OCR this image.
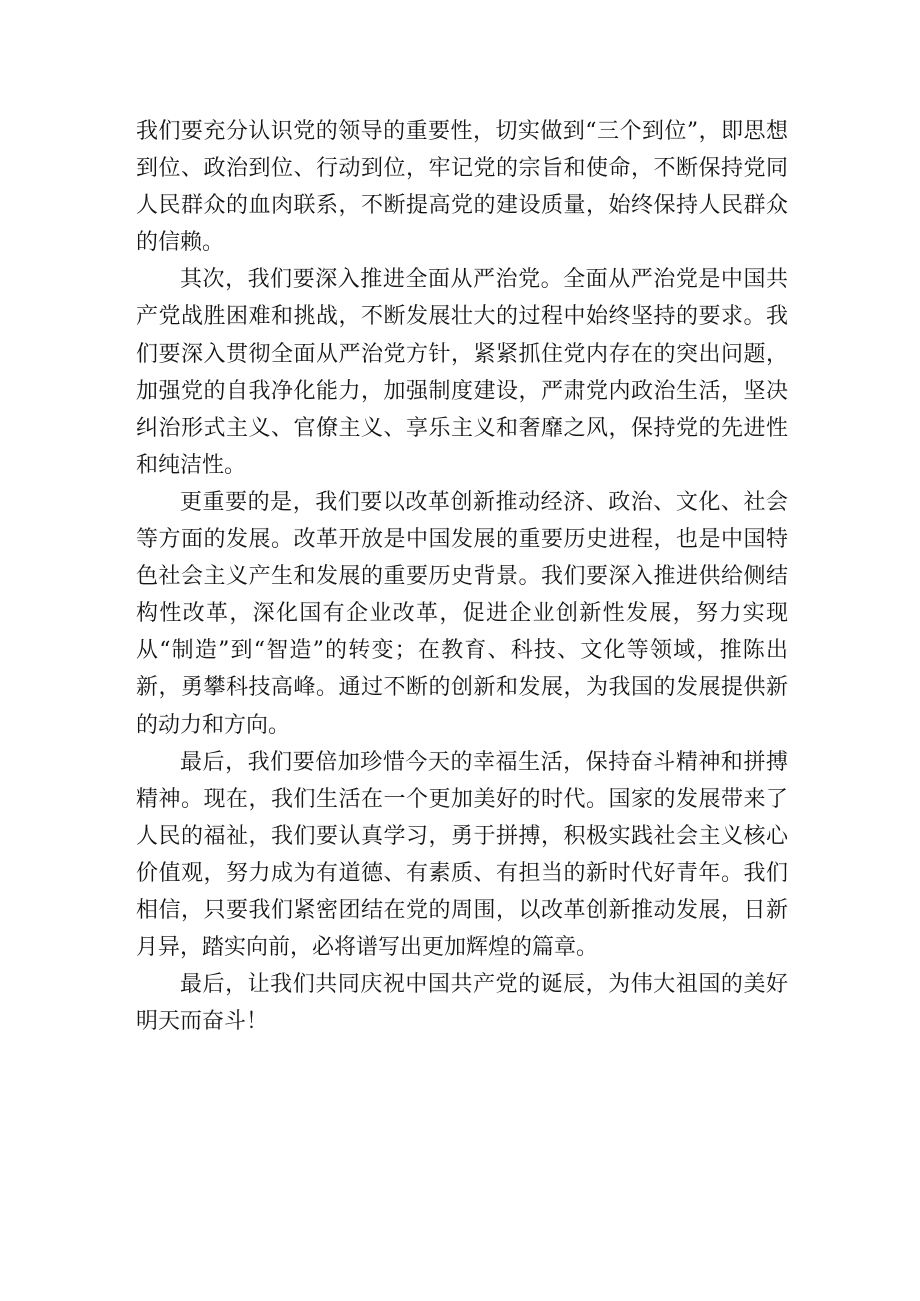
我们要充分认识党的领导的重要性，切实做到“三个到位”，即思想到位、政治到位、行动到位，牢记党的宗旨和使命，不断保持党同人民群众的血肉联系，不断提高党的建设质量，始终保持人民群众的信赖。

其次，我们要深入推进全面从严治党。全面从严治党是中国共产党战胜困难和挑战，不断发展壮大的过程中始终坚持的要求。我们要深入贯彻全面从严治党方针，紧紧抓住党内存在的突出问题，加强党的自我净化能力，加强制度建设，严肃党内政治生活，坚决纠治形式主义、官僚主义、享乐主义和奢靡之风，保持党的先进性和纯洁性。

更重要的是，我们要以改革创新推动经济、政治、文化、社会等方面的发展。改革开放是中国发展的重要历史进程，也是中国特色社会主义产生和发展的重要历史背景。我们要深入推进供给侧结构性改革，深化国有企业改革，促进企业创新性发展，努力实现从“制造”到“智造”的转变；在教育、科技、文化等领域，推陈出新，勇攀科技高峰。通过不断的创新和发展，为我国的发展提供新的动力和方向。

最后，我们要倍加珍惜今天的幸福生活，保持奋斗精神和拼搏精神。现在，我们生活在一个更加美好的时代。国家的发展带来了人民的福祉，我们要认真学习，勇于拼搏，积极实践社会主义核心价值观，努力成为有道德、有素质、有担当的新时代好青年。我们相信，只要我们紧密团结在党的周围，以改革创新推动发展，日新月异，踏实向前，必将谱写出更加辉煌的篇章。

最后，让我们共同庆祝中国共产党的诞辰，为伟大祖国的美好明天而奋斗！
